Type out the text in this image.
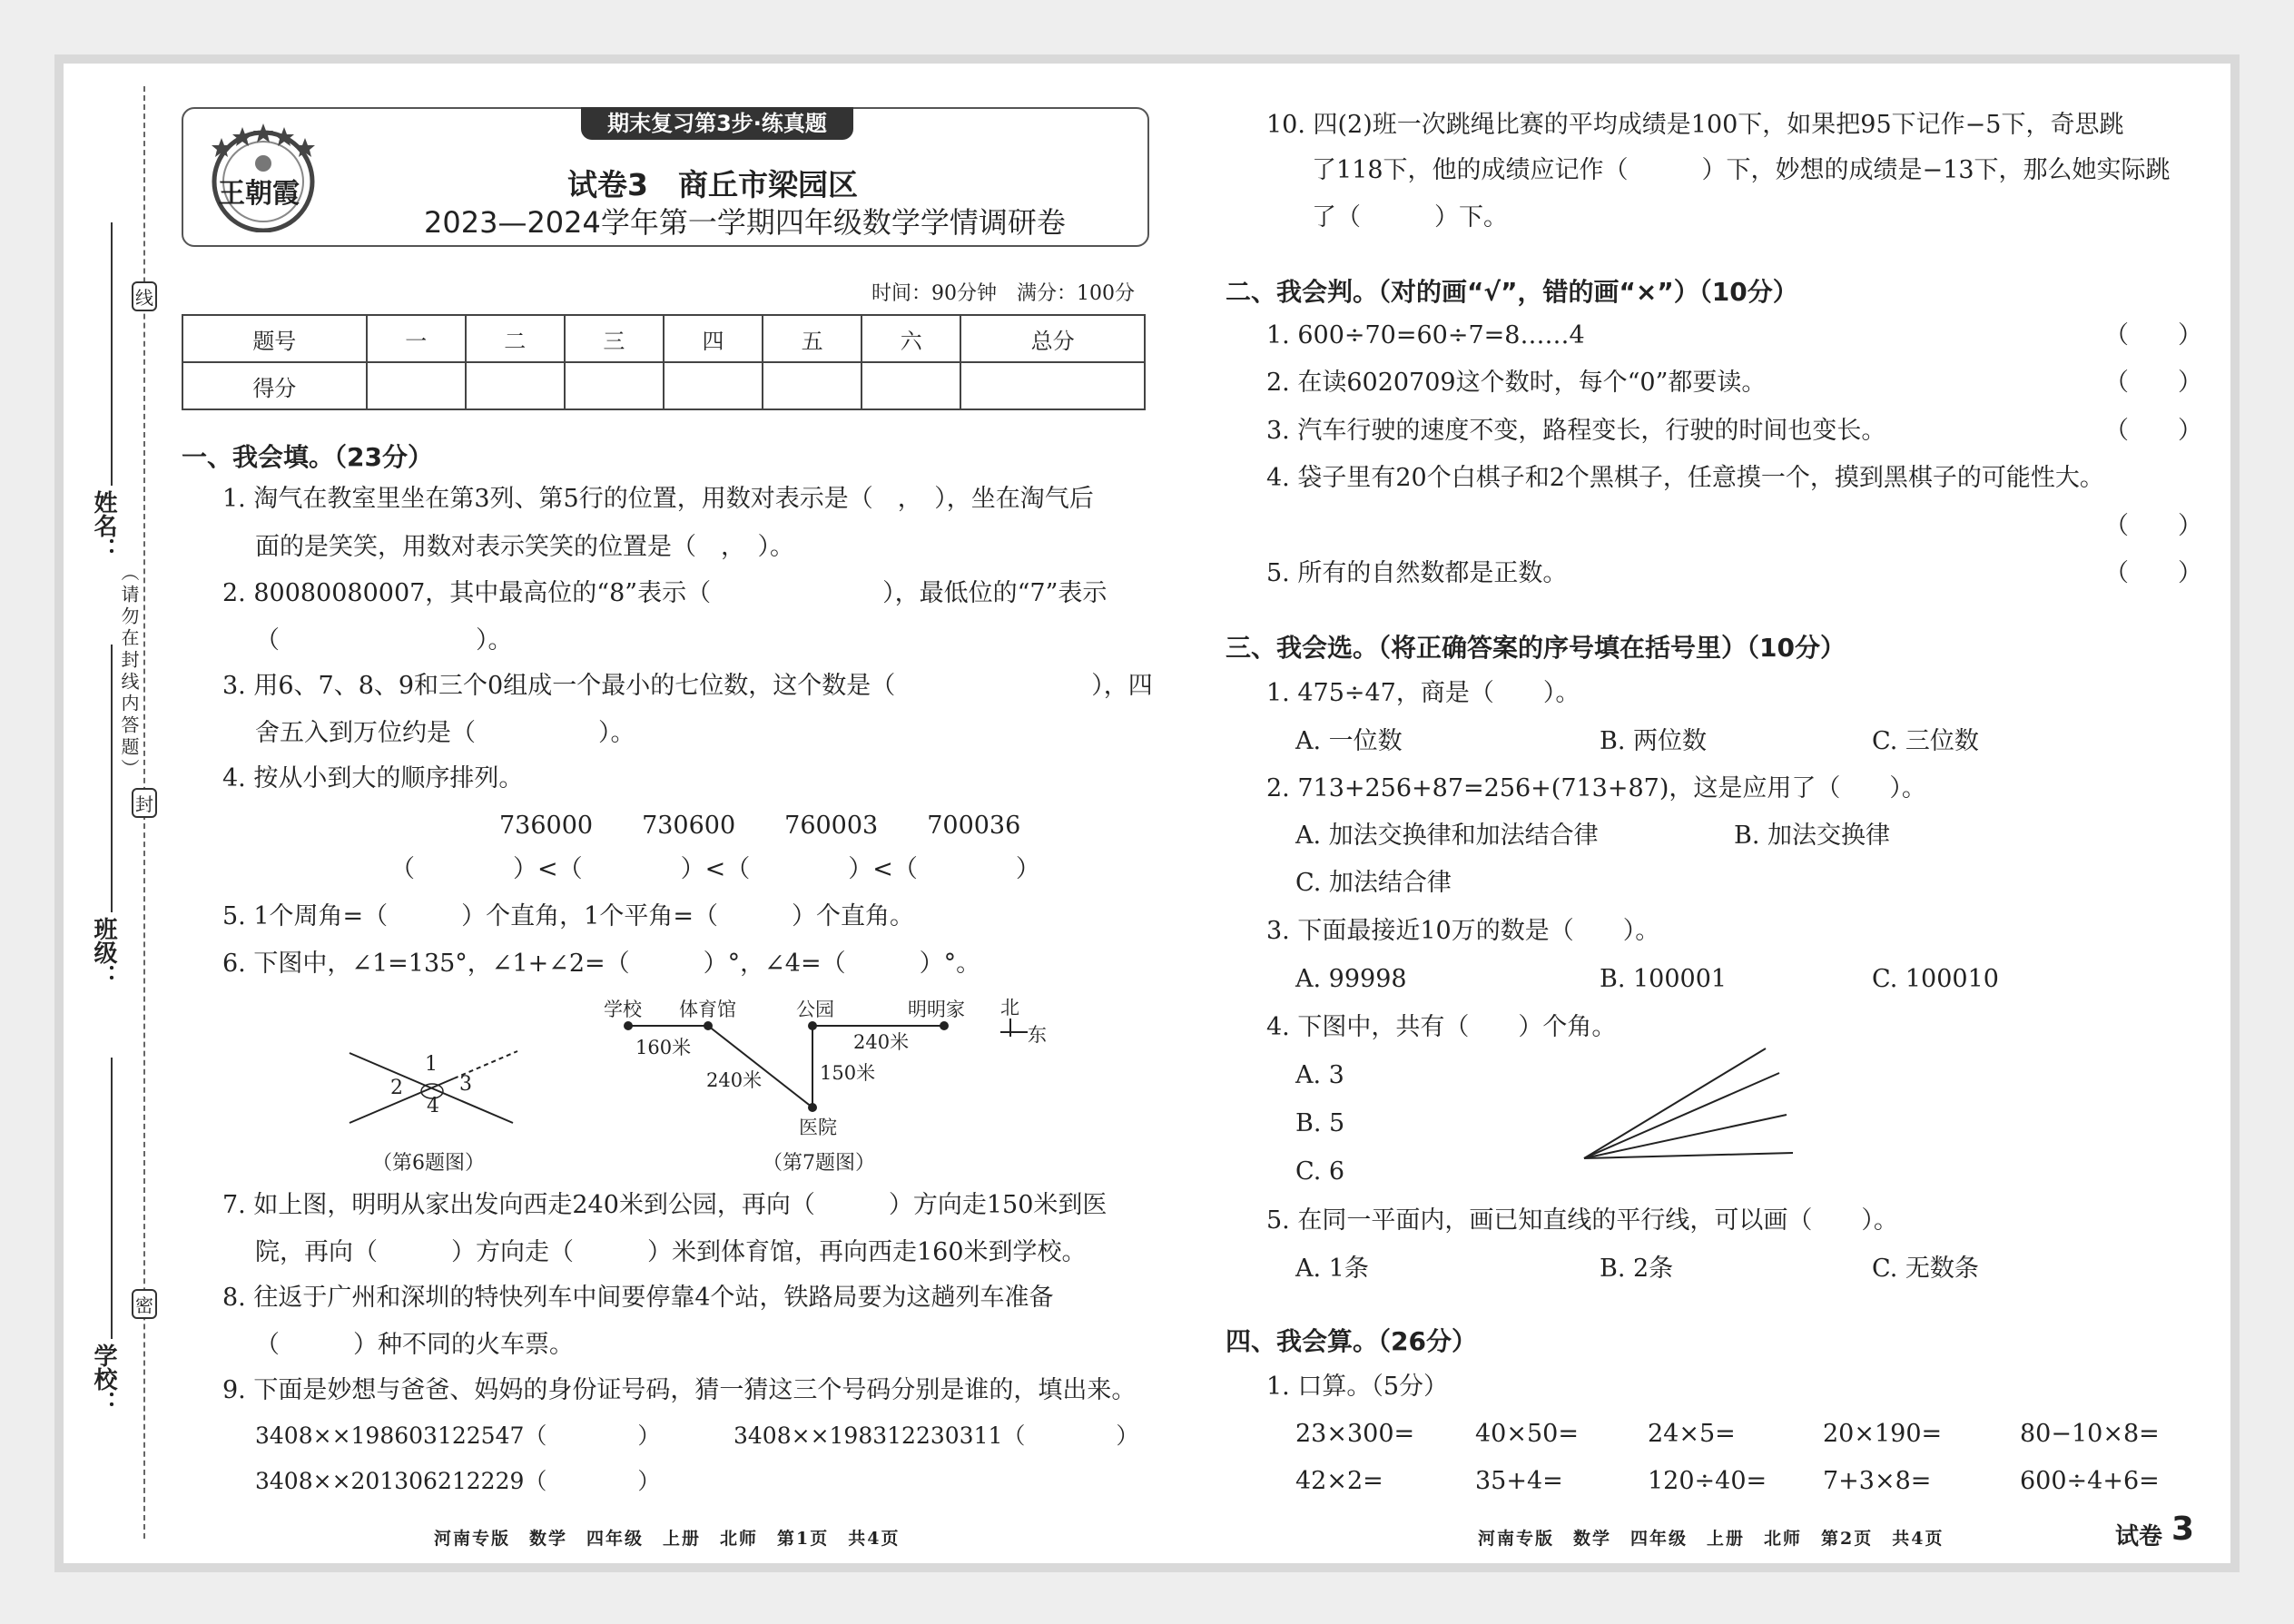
线
封
密
（请勿在封线内答题）
姓名：
班级：
学校：
期末复习第3步·练真题
王朝霞	试卷3　商丘市梁园区
2023—2024学年第一学期四年级数学学情调研卷
时间：90分钟　满分：100分
题号	一	二	三	四	五	六	总分
得分							
一、我会填。（23分）
1. 淘气在教室里坐在第3列、第5行的位置，用数对表示是（　，　），坐在淘气后
面的是笑笑，用数对表示笑笑的位置是（　，　）。
2. 80080080007，其中最高位的“8”表示（　　　　　　　），最低位的“7”表示
（　　　　　　　　）。
3. 用6、7、8、9和三个0组成一个最小的七位数，这个数是（　　　　　　　　），四
舍五入到万位约是（　　　　　）。
4. 按从小到大的顺序排列。
736000　　730600　　760003　　700036
（　　　　）<（　　　　）<（　　　　）<（　　　　）
5. 1个周角=（　　　）个直角，1个平角=（　　　）个直角。
6. 下图中，∠1=135°，∠1+∠2=（　　　）°，∠4=（　　　）°。
1
2	3
4
（第6题图）
学校 体育馆	公园	明明家 北
东
160米	240米
240米	150米
医院
（第7题图）
7. 如上图，明明从家出发向西走240米到公园，再向（　　　）方向走150米到医
院，再向（　　　）方向走（　　　）米到体育馆，再向西走160米到学校。
8. 往返于广州和深圳的特快列车中间要停靠4个站，铁路局要为这趟列车准备
（　　　）种不同的火车票。
9. 下面是妙想与爸爸、妈妈的身份证号码，猜一猜这三个号码分别是谁的，填出来。
3408××198603122547（　　　　）	3408××198312230311（　　　　）
3408××201306212229（　　　　）
河南专版　数学　四年级　上册　北师　第1页　共4页
10. 四(2)班一次跳绳比赛的平均成绩是100下，如果把95下记作−5下，奇思跳
了118下，他的成绩应记作（　　　）下，妙想的成绩是−13下，那么她实际跳
了（　　　）下。
二、我会判。（对的画“√”，错的画“×”）（10分）
1. 600÷70=60÷7=8……4	（　　）
2. 在读6020709这个数时，每个“0”都要读。	（　　）
3. 汽车行驶的速度不变，路程变长，行驶的时间也变长。	（　　）
4. 袋子里有20个白棋子和2个黑棋子，任意摸一个，摸到黑棋子的可能性大。
（　　）
5. 所有的自然数都是正数。	（　　）
三、我会选。（将正确答案的序号填在括号里）（10分）
1. 475÷47，商是（　　）。
A. 一位数	B. 两位数	C. 三位数
2. 713+256+87=256+(713+87)，这是应用了（　　）。
A. 加法交换律和加法结合律	B. 加法交换律
C. 加法结合律
3. 下面最接近10万的数是（　　）。
A. 99998	B. 100001	C. 100010
4. 下图中，共有（　　）个角。
A. 3
B. 5
C. 6
5. 在同一平面内，画已知直线的平行线，可以画（　　）。
A. 1条	B. 2条	C. 无数条
四、我会算。（26分）
1. 口算。（5分）
23×300= 40×50=	24×5=	20×190=	80−10×8=
42×2=	35+4=	120÷40= 7+3×8=	600÷4+6=
河南专版　数学　四年级　上册　北师　第2页　共4页	试卷 3
